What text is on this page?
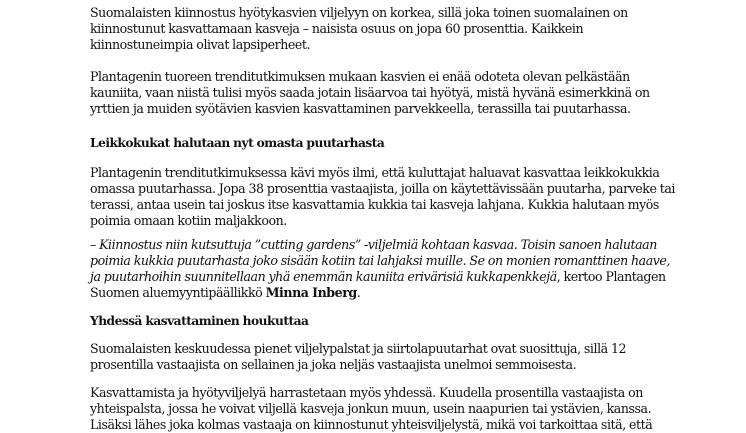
Suomalaisten kiinnostus hyötykasvien viljelyyn on korkea, sillä joka toinen suomalainen on kiinnostunut kasvattamaan kasveja – naisista osuus on jopa 60 prosenttia. Kaikkein kiinnostuneimpia olivat lapsiperheet.

Plantagenin tuoreen trenditutkimuksen mukaan kasvien ei enää odoteta olevan pelkästään kauniita, vaan niistä tulisi myös saada jotain lisäarvoa tai hyötyä, mistä hyvänä esimerkkinä on yrttien ja muiden syötävien kasvien kasvattaminen parvekkeella, terassilla tai puutarhassa.

Leikkokukat halutaan nyt omasta puutarhasta

Plantagenin trenditutkimuksessa kävi myös ilmi, että kuluttajat haluavat kasvattaa leikkokukkia omassa puutarhassa. Jopa 38 prosenttia vastaajista, joilla on käytettävissään puutarha, parveke tai terassi, antaa usein tai joskus itse kasvattamia kukkia tai kasveja lahjana. Kukkia halutaan myös poimia omaan kotiin maljakkoon.

– Kiinnostus niin kutsuttuja ”cutting gardens” -viljelmiä kohtaan kasvaa. Toisin sanoen halutaan poimia kukkia puutarhasta joko sisään kotiin tai lahjaksi muille. Se on monien romanttinen haave, ja puutarhoihin suunnitellaan yhä enemmän kauniita erivärisiä kukkapenkkejä, kertoo Plantagen Suomen aluemyyntipäällikkö Minna Inberg.

Yhdessä kasvattaminen houkuttaa

Suomalaisten keskuudessa pienet viljelypalstat ja siirtolapuutarhat ovat suosittuja, sillä 12 prosentilla vastaajista on sellainen ja joka neljäs vastaajista unelmoi semmoisesta.

Kasvattamista ja hyötyviljelyä harrastetaan myös yhdessä. Kuudella prosentilla vastaajista on yhteispalsta, jossa he voivat viljellä kasveja jonkun muun, usein naapurien tai ystävien, kanssa. Lisäksi lähes joka kolmas vastaaja on kiinnostunut yhteisviljelystä, mikä voi tarkoittaa sitä, että
